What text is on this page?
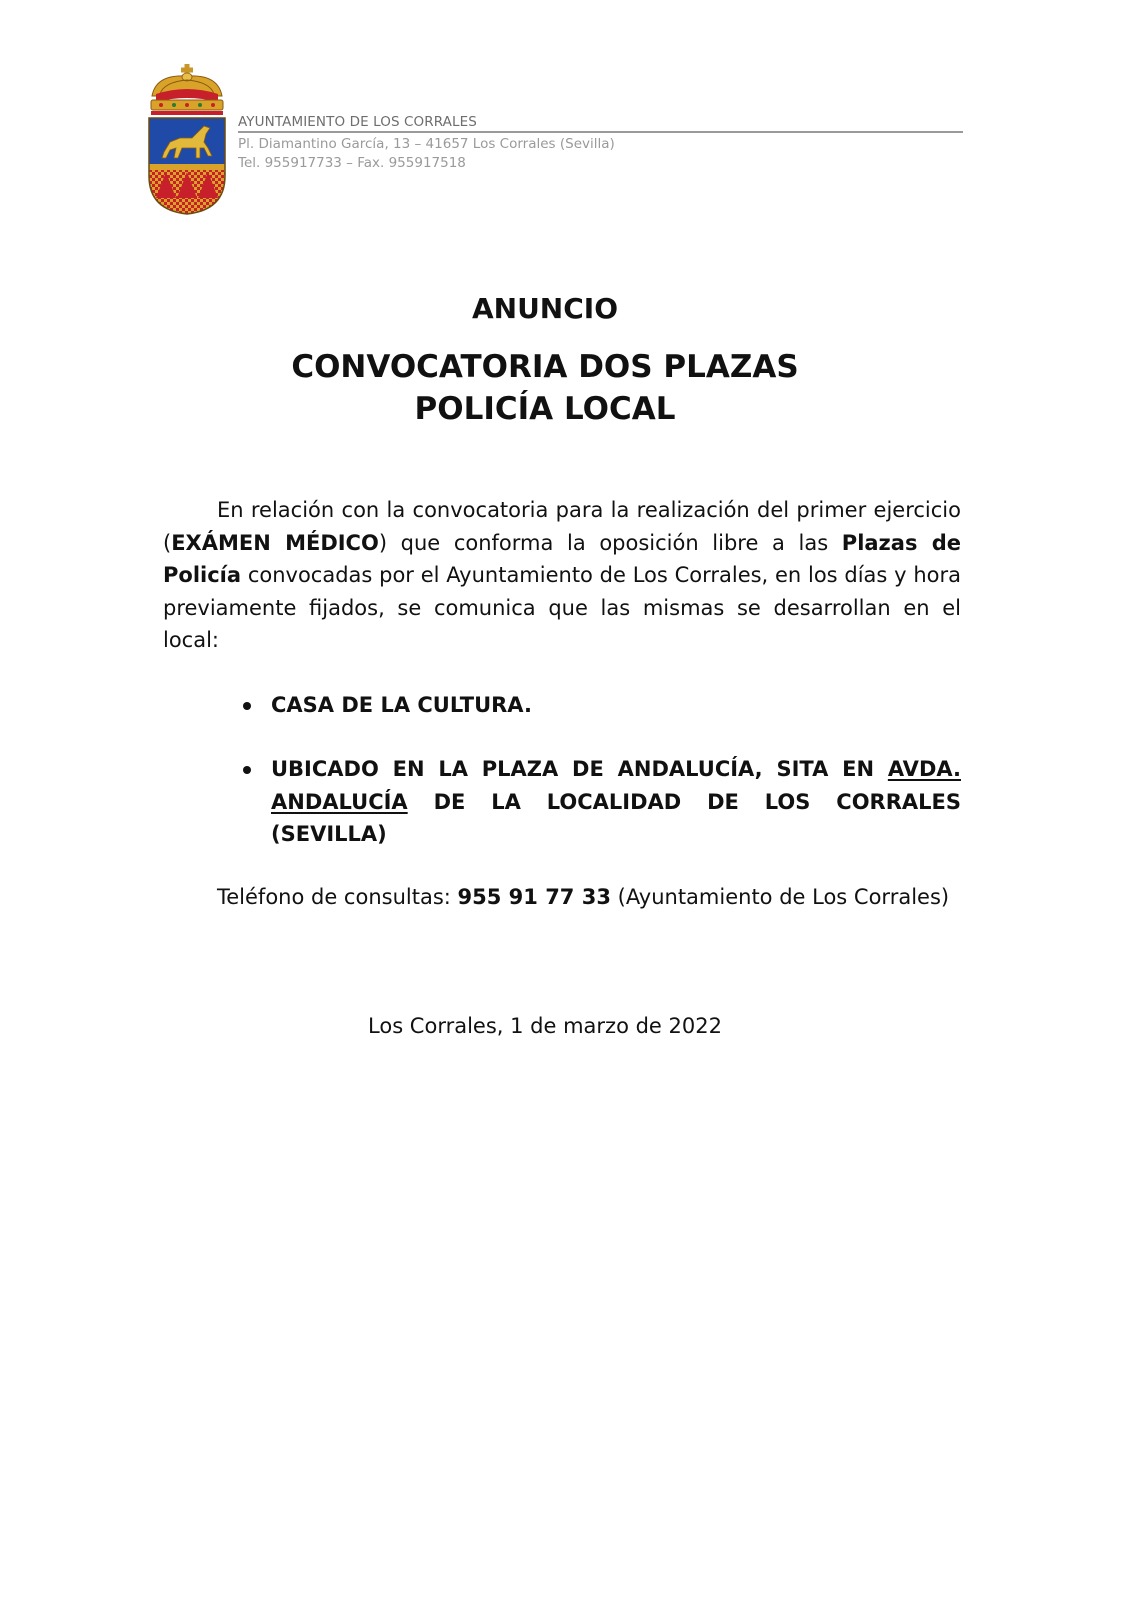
AYUNTAMIENTO DE LOS CORRALES
Pl. Diamantino García, 13 – 41657 Los Corrales (Sevilla)
Tel. 955917733 – Fax. 955917518
ANUNCIO
CONVOCATORIA DOS PLAZAS
POLICÍA LOCAL
En relación con la convocatoria para la realización del primer ejercicio (EXÁMEN MÉDICO) que conforma la oposición libre a las Plazas de Policía convocadas por el Ayuntamiento de Los Corrales, en los días y hora previamente fijados, se comunica que las mismas se desarrollan en el local:
CASA DE LA CULTURA.
UBICADO EN LA PLAZA DE ANDALUCÍA, SITA EN AVDA. ANDALUCÍA DE LA LOCALIDAD DE LOS CORRALES (SEVILLA)
Teléfono de consultas: 955 91 77 33 (Ayuntamiento de Los Corrales)
Los Corrales, 1 de marzo de 2022
